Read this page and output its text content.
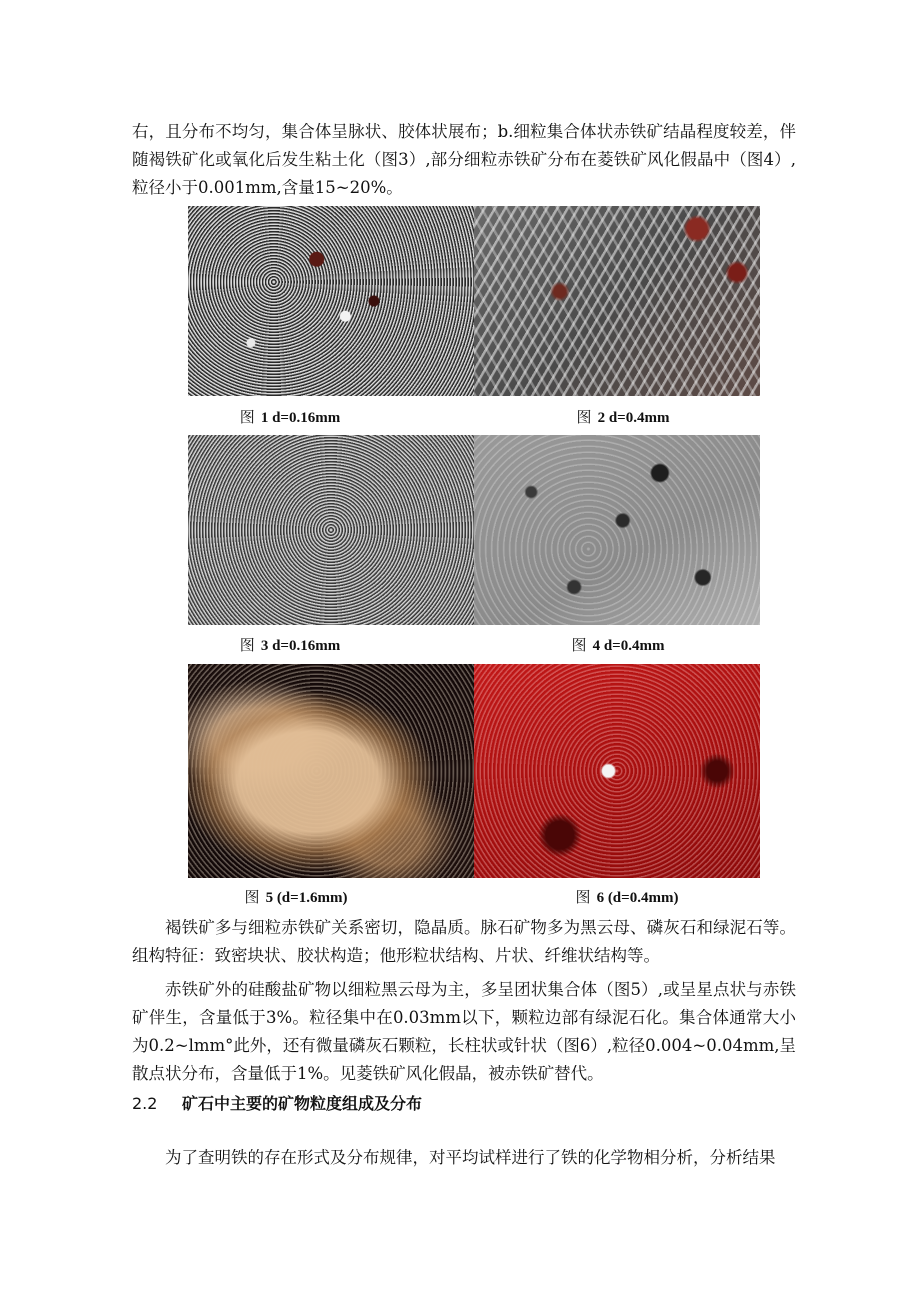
右，且分布不均匀，集合体呈脉状、胶体状展布；b.细粒集合体状赤铁矿结晶程度较差，伴随褐铁矿化或氧化后发生粘土化（图3）,部分细粒赤铁矿分布在菱铁矿风化假晶中（图4）,粒径小于0.001mm,含量15~20%。

图 1 d=0.16mm	图 2 d=0.4mm
图 3 d=0.16mm	图 4 d=0.4mm
图 5 (d=1.6mm)	图 6 (d=0.4mm)

褐铁矿多与细粒赤铁矿关系密切，隐晶质。脉石矿物多为黑云母、磷灰石和绿泥石等。组构特征：致密块状、胶状构造；他形粒状结构、片状、纤维状结构等。

赤铁矿外的硅酸盐矿物以细粒黑云母为主，多呈团状集合体（图5）,或呈星点状与赤铁矿伴生，含量低于3%。粒径集中在0.03mm以下，颗粒边部有绿泥石化。集合体通常大小为0.2~lmm°此外，还有微量磷灰石颗粒，长柱状或针状（图6）,粒径0.004~0.04mm,呈散点状分布，含量低于1%。见菱铁矿风化假晶，被赤铁矿替代。

2.2 矿石中主要的矿物粒度组成及分布

为了查明铁的存在形式及分布规律，对平均试样进行了铁的化学物相分析，分析结果
